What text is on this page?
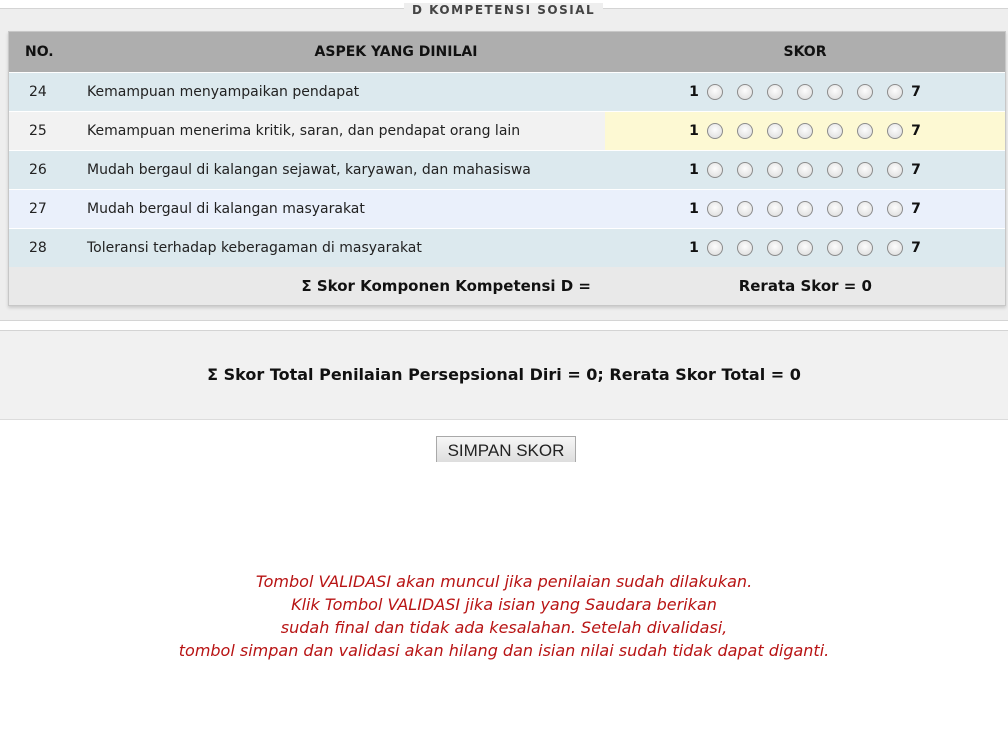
D KOMPETENSI SOSIAL
NO.	ASPEK YANG DINILAI	SKOR
24	Kemampuan menyampaikan pendapat	1	7
25	Kemampuan menerima kritik, saran, dan pendapat orang lain	1	7
26	Mudah bergaul di kalangan sejawat, karyawan, dan mahasiswa	1	7
27	Mudah bergaul di kalangan masyarakat	1	7
28	Toleransi terhadap keberagaman di masyarakat	1	7
Σ Skor Komponen Kompetensi D =	Rerata Skor = 0
Σ Skor Total Penilaian Persepsional Diri = 0; Rerata Skor Total = 0
SIMPAN SKOR
Tombol VALIDASI akan muncul jika penilaian sudah dilakukan.
Klik Tombol VALIDASI jika isian yang Saudara berikan
sudah final dan tidak ada kesalahan. Setelah divalidasi,
tombol simpan dan validasi akan hilang dan isian nilai sudah tidak dapat diganti.
